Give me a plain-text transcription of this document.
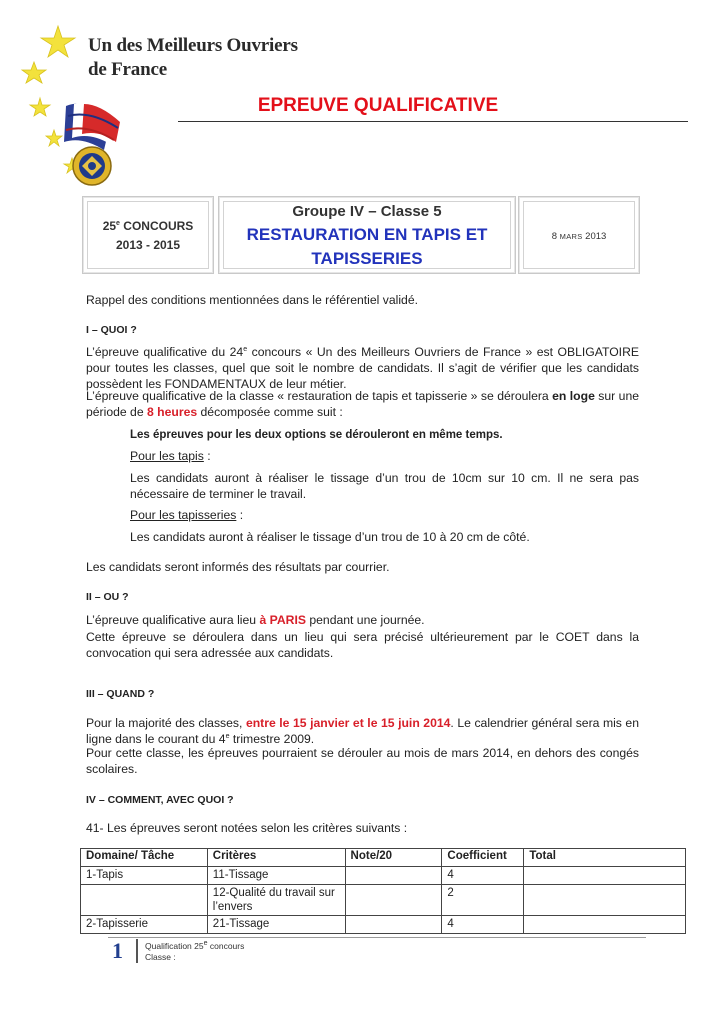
Un des Meilleurs Ouvriers
de France
EPREUVE QUALIFICATIVE
25e CONCOURS
2013 - 2015
Groupe IV – Classe 5
RESTAURATION EN TAPIS ET TAPISSERIES
8 MARS 2013
Rappel des conditions mentionnées dans le référentiel validé.
I – QUOI ?
L’épreuve qualificative du 24e concours « Un des Meilleurs Ouvriers de France » est OBLIGATOIRE pour toutes les classes, quel que soit le nombre de candidats. Il s’agit de vérifier que les candidats possèdent les FONDAMENTAUX de leur métier.
L’épreuve qualificative de la classe « restauration de tapis et tapisserie » se déroulera en loge sur une période de 8 heures décomposée comme suit :
Les épreuves pour les deux options se dérouleront en même temps.
Pour les tapis :
Les candidats auront à réaliser le tissage d’un trou de 10cm sur 10 cm. Il ne sera pas nécessaire de terminer le travail.
Pour les tapisseries :
Les candidats auront à réaliser le tissage d’un trou de 10 à 20 cm de côté.
Les candidats seront informés des résultats par courrier.
II – OU ?
L’épreuve qualificative aura lieu à PARIS pendant une journée.
Cette épreuve se déroulera dans un lieu qui sera précisé ultérieurement par le COET dans la convocation qui sera adressée aux candidats.
III – QUAND ?
Pour la majorité des classes, entre le 15 janvier et le 15 juin 2014. Le calendrier général sera mis en ligne dans le courant du 4e trimestre 2009.
Pour cette classe, les épreuves pourraient se dérouler au mois de mars 2014, en dehors des congés scolaires.
IV – COMMENT, AVEC QUOI ?
41- Les épreuves seront notées selon les critères suivants :
Domaine/ Tâche	Critères	Note/20	Coefficient	Total
1-Tapis	11-Tissage		4	
	12-Qualité du travail sur l’envers		2	
2-Tapisserie	21-Tissage		4	
1	Qualification 25e concours
Classe :
